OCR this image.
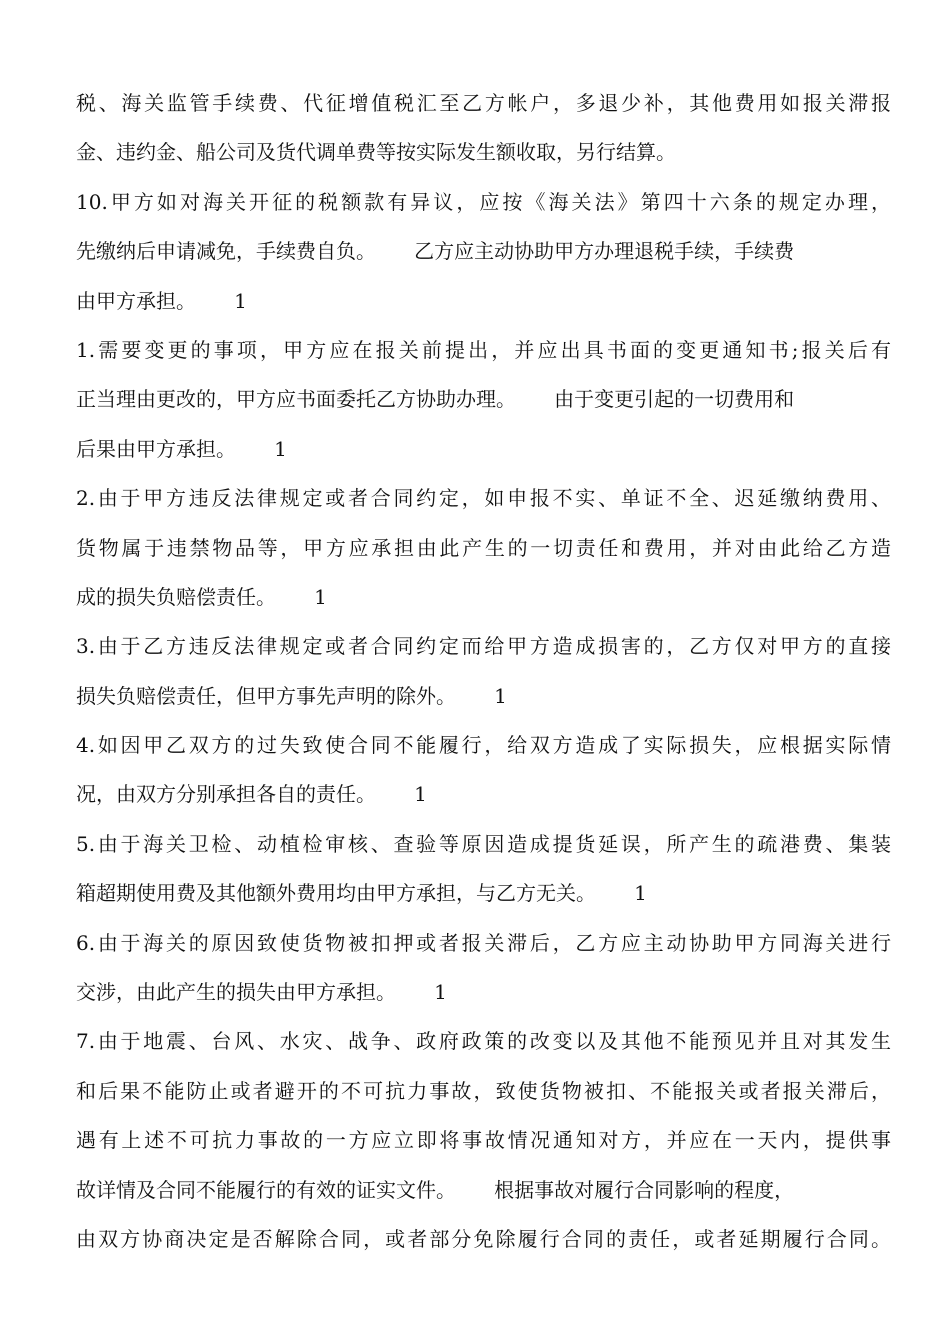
税、海关监管手续费、代征增值税汇至乙方帐户，多退少补，其他费用如报关滞报
金、违约金、船公司及货代调单费等按实际发生额收取，另行结算。
10.甲方如对海关开征的税额款有异议，应按《海关法》第四十六条的规定办理，
先缴纳后申请减免，手续费自负。      乙方应主动协助甲方办理退税手续，手续费
由甲方承担。      1
1.需要变更的事项，甲方应在报关前提出，并应出具书面的变更通知书;报关后有
正当理由更改的，甲方应书面委托乙方协助办理。      由于变更引起的一切费用和
后果由甲方承担。      1
2.由于甲方违反法律规定或者合同约定，如申报不实、单证不全、迟延缴纳费用、
货物属于违禁物品等，甲方应承担由此产生的一切责任和费用，并对由此给乙方造
成的损失负赔偿责任。      1
3.由于乙方违反法律规定或者合同约定而给甲方造成损害的，乙方仅对甲方的直接
损失负赔偿责任，但甲方事先声明的除外。      1
4.如因甲乙双方的过失致使合同不能履行，给双方造成了实际损失，应根据实际情
况，由双方分别承担各自的责任。      1
5.由于海关卫检、动植检审核、查验等原因造成提货延误，所产生的疏港费、集装
箱超期使用费及其他额外费用均由甲方承担，与乙方无关。      1
6.由于海关的原因致使货物被扣押或者报关滞后，乙方应主动协助甲方同海关进行
交涉，由此产生的损失由甲方承担。      1
7.由于地震、台风、水灾、战争、政府政策的改变以及其他不能预见并且对其发生
和后果不能防止或者避开的不可抗力事故，致使货物被扣、不能报关或者报关滞后，
遇有上述不可抗力事故的一方应立即将事故情况通知对方，并应在一天内，提供事
故详情及合同不能履行的有效的证实文件。      根据事故对履行合同影响的程度，
由双方协商决定是否解除合同，或者部分免除履行合同的责任，或者延期履行合同。
